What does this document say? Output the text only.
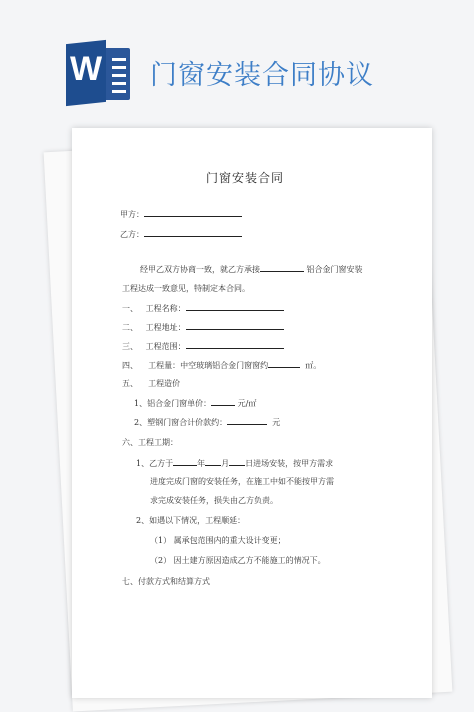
W 门窗安装合同协议
门窗安装合同
甲方：
乙方：
经甲乙双方协商一致，就乙方承接	铝合金门窗安装
工程达成一致意见，特制定本合同。
一、 工程名称：
二、 工程地址：
三、 工程范围：
四、 工程量：中空玻璃铝合金门窗窗约	㎡。
五、 工程造价
1、铝合金门窗单价：	元/㎡
2、塑钢门窗合计价款约：	元
六、工程工期：
1、乙方于	年 月 日进场安装，按甲方需求
进度完成门窗的安装任务，在施工中如不能按甲方需
求完成安装任务，损失由乙方负责。
2、如遇以下情况，工程顺延：
（1） 属承包范围内的重大设计变更；
（2） 因土建方原因造成乙方不能施工的情况下。
七、付款方式和结算方式
